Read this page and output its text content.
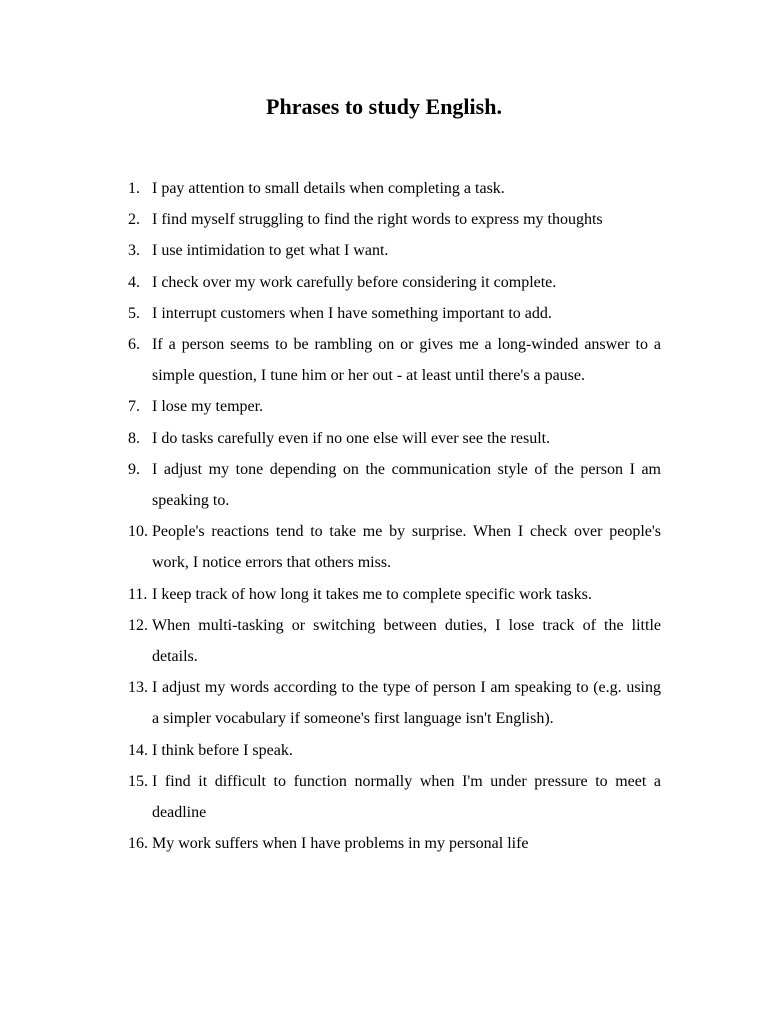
Phrases to study English.
1. I pay attention to small details when completing a task.
2. I find myself struggling to find the right words to express my thoughts
3. I use intimidation to get what I want.
4. I check over my work carefully before considering it complete.
5. I interrupt customers when I have something important to add.
6. If a person seems to be rambling on or gives me a long-winded answer to a simple question, I tune him or her out - at least until there's a pause.
7. I lose my temper.
8. I do tasks carefully even if no one else will ever see the result.
9. I adjust my tone depending on the communication style of the person I am speaking to.
10. People's reactions tend to take me by surprise. When I check over people's work, I notice errors that others miss.
11. I keep track of how long it takes me to complete specific work tasks.
12. When multi-tasking or switching between duties, I lose track of the little details.
13. I adjust my words according to the type of person I am speaking to (e.g. using a simpler vocabulary if someone's first language isn't English).
14. I think before I speak.
15. I find it difficult to function normally when I'm under pressure to meet a deadline
16. My work suffers when I have problems in my personal life
